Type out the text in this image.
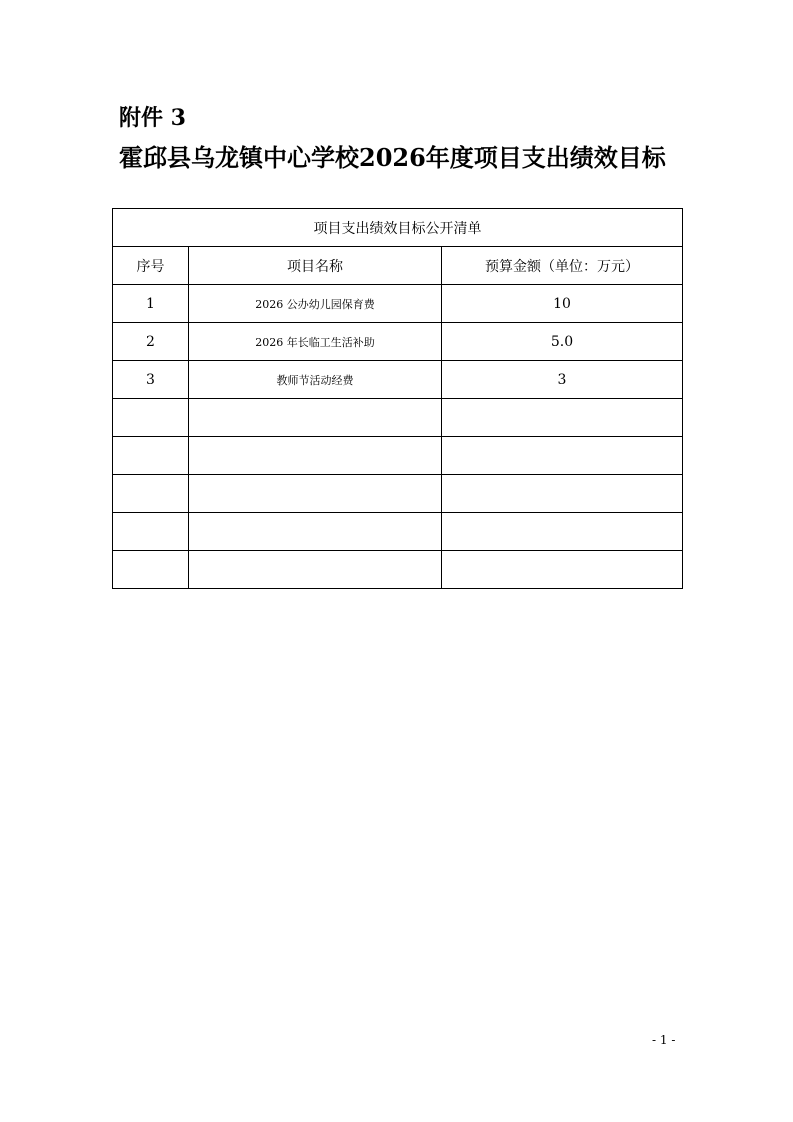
附件 3
霍邱县乌龙镇中心学校2026年度项目支出绩效目标
项目支出绩效目标公开清单		
序号	项目名称	预算金额（单位：万元）
1	2026 公办幼儿园保育费	10
2	2026 年长临工生活补助	5.0
3	教师节活动经费	3

- 1 -
